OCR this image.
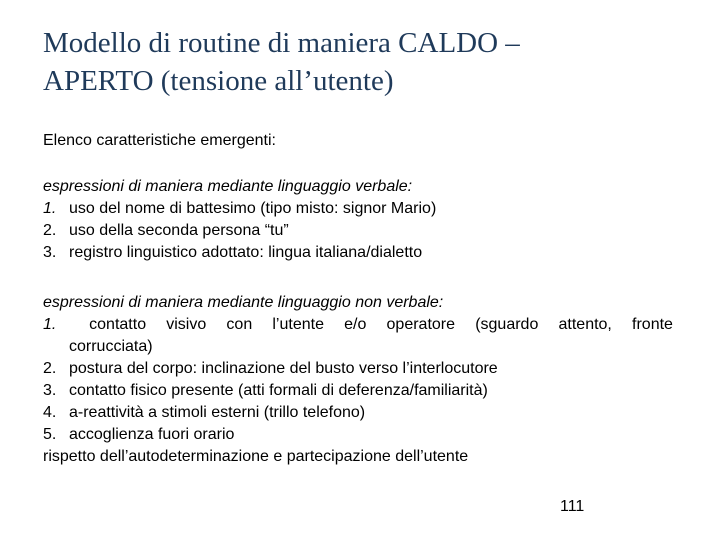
Modello di routine di maniera CALDO –
APERTO (tensione all’utente)

Elenco caratteristiche emergenti:

espressioni di maniera mediante linguaggio verbale:

1. uso del nome di battesimo (tipo misto: signor Mario)

2. uso della seconda persona “tu”

3. registro linguistico adottato: lingua italiana/dialetto

espressioni di maniera mediante linguaggio non verbale:

1.	contatto visivo con l’utente e/o operatore (sguardo attento, fronte

corrucciata)

2. postura del corpo: inclinazione del busto verso l’interlocutore

3. contatto fisico presente (atti formali di deferenza/familiarità)

4. a-reattività a stimoli esterni (trillo telefono)

5. accoglienza fuori orario

rispetto dell’autodeterminazione e partecipazione dell’utente

111
